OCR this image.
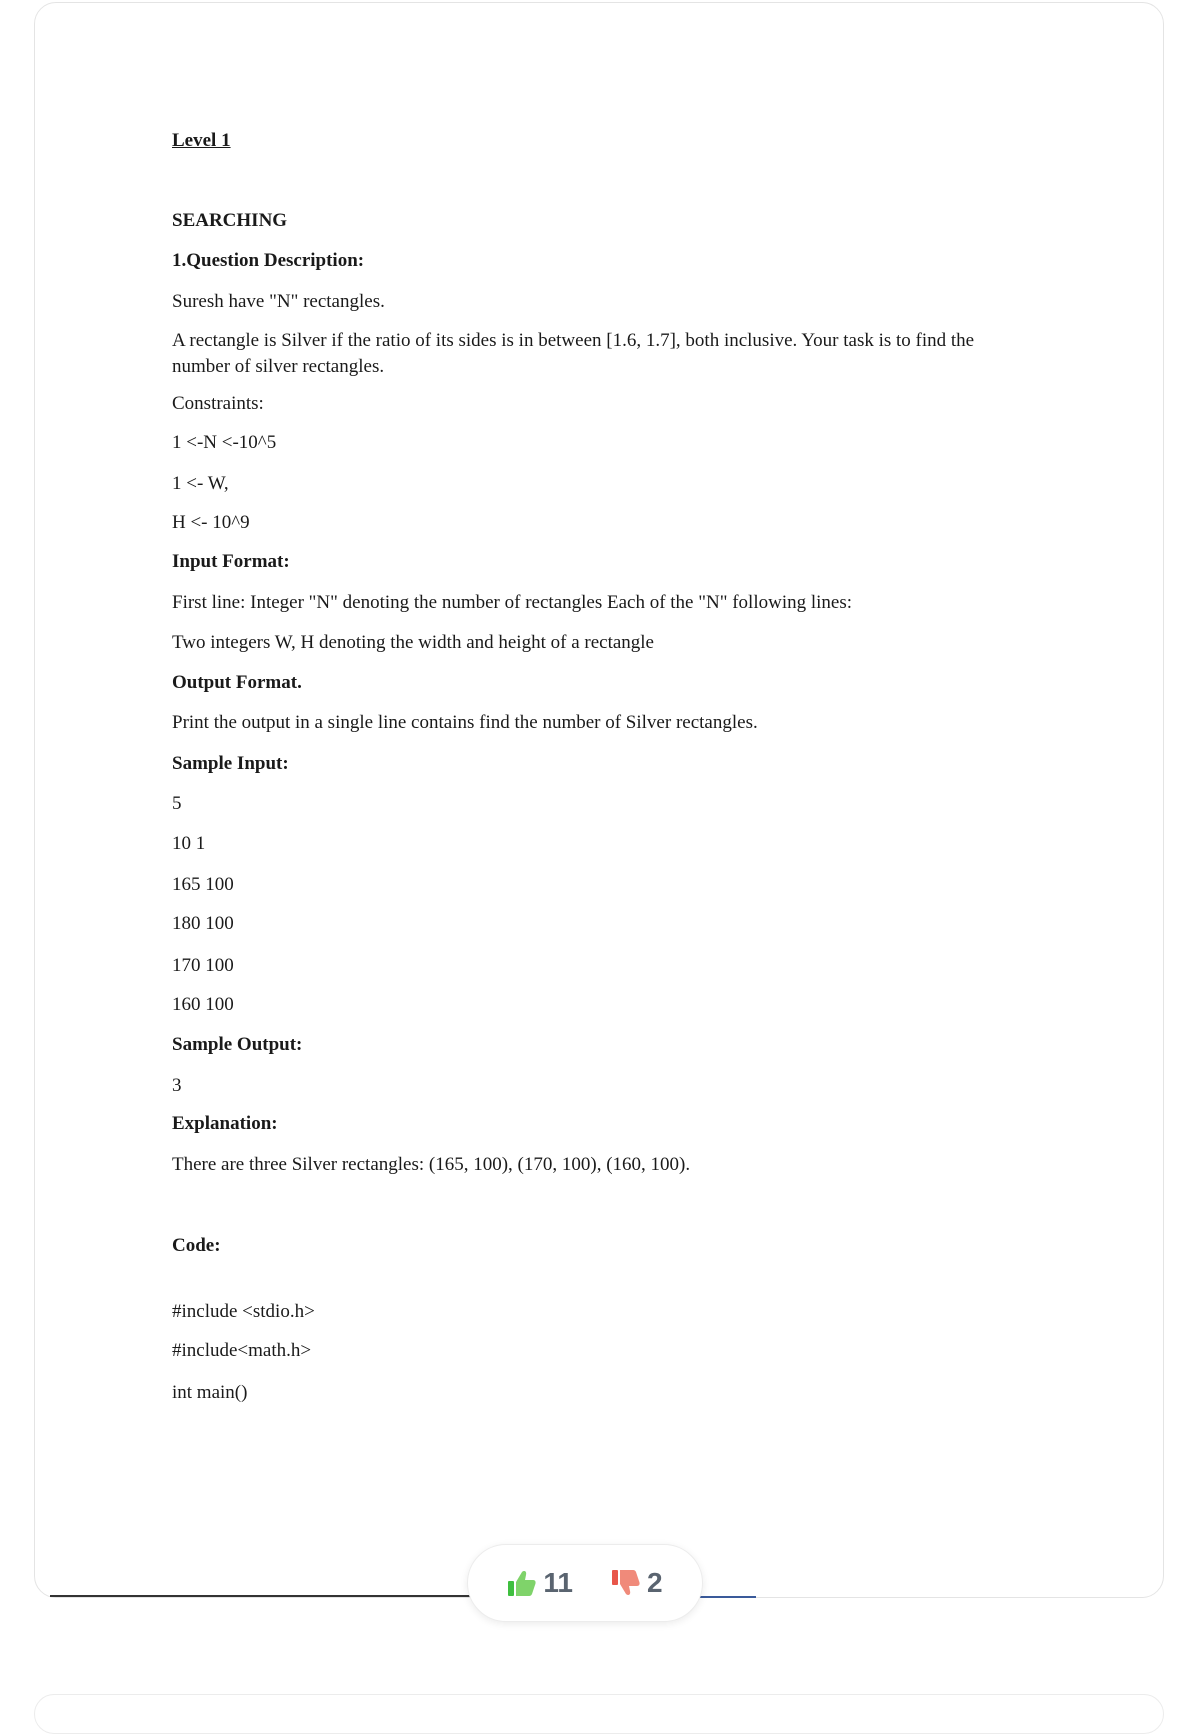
Level 1
SEARCHING
1.Question Description:
Suresh have "N" rectangles.
A rectangle is Silver if the ratio of its sides is in between [1.6, 1.7], both inclusive. Your task is to find the number of silver rectangles.
Constraints:
1 <-N <-10^5
1 <- W,
H <- 10^9
Input Format:
First line: Integer "N" denoting the number of rectangles Each of the "N" following lines:
Two integers W, H denoting the width and height of a rectangle
Output Format.
Print the output in a single line contains find the number of Silver rectangles.
Sample Input:
5
10 1
165 100
180 100
170 100
160 100
Sample Output:
3
Explanation:
There are three Silver rectangles: (165, 100), (170, 100), (160, 100).
Code:
#include <stdio.h>
#include<math.h>
int main()
11	2
